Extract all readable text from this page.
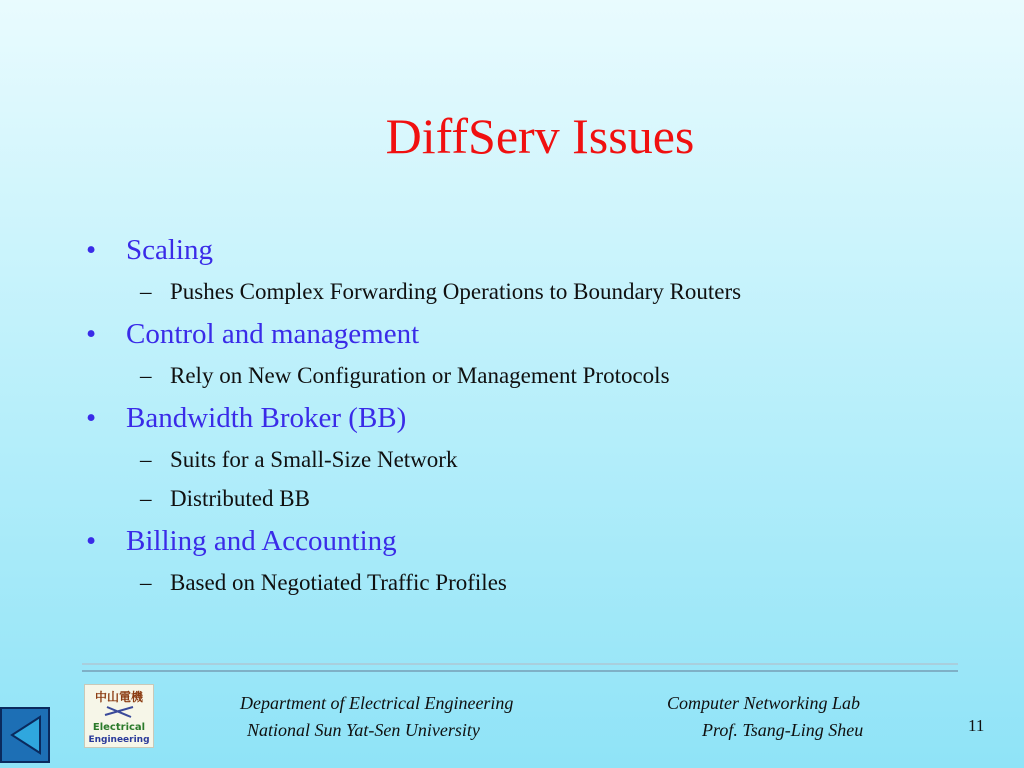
DiffServ Issues
• Scaling
– Pushes Complex Forwarding Operations to Boundary Routers
• Control and management
– Rely on New Configuration or Management Protocols
• Bandwidth Broker (BB)
– Suits for a Small-Size Network
– Distributed BB
• Billing and Accounting
– Based on Negotiated Traffic Profiles
中山電機
Electrical
Engineering
Department of Electrical Engineering
National Sun Yat-Sen University
Computer Networking Lab
Prof. Tsang-Ling Sheu	11
